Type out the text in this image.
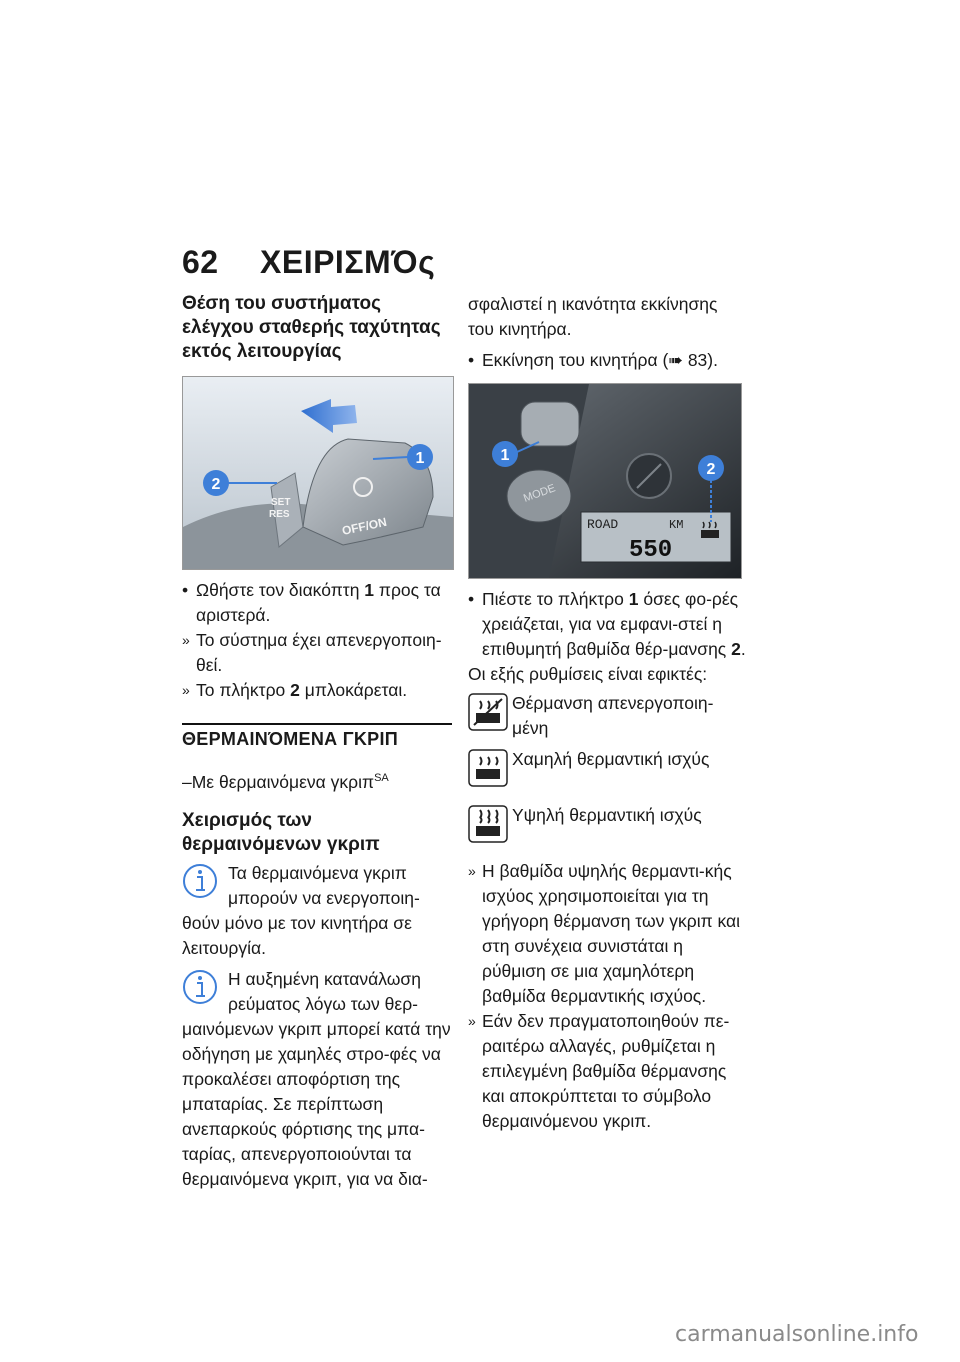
62 ΧΕΙΡΙΣΜΌς

Θέση του συστήματος ελέγχου σταθερής ταχύτητας εκτός λειτουργίας

SET
RES
OFF/ON
2
1

• Ωθήστε τον διακόπτη 1 προς τα αριστερά.

» Το σύστημα έχει απενεργοποιη-θεί.

» Το πλήκτρο 2 μπλοκάρεται.

ΘΕΡΜΑΙΝΌΜΕΝΑ ΓΚΡΙΠ

–Με θερμαινόμενα γκριπ$^{SA}$

Χειρισμός των θερμαινόμενων γκριπ

Τα θερμαινόμενα γκριπ μπορούν να ενεργοποιη-θούν μόνο με τον κινητήρα σε λειτουργία.
Η αυξημένη κατανάλωση ρεύματος λόγω των θερ-μαινόμενων γκριπ μπορεί κατά την οδήγηση με χαμηλές στρο-φές να προκαλέσει αποφόρτιση της μπαταρίας. Σε περίπτωση ανεπαρκούς φόρτισης της μπα-ταρίας, απενεργοποιούνται τα θερμαινόμενα γκριπ, για να δια-

σφαλιστεί η ικανότητα εκκίνησης του κινητήρα.

• Εκκίνηση του κινητήρα (➠ 83).

MODE
ROAD	KM
550
1
2

• Πιέστε το πλήκτρο 1 όσες φο-ρές χρειάζεται, για να εμφανι-στεί η επιθυμητή βαθμίδα θέρ-μανσης 2.

Οι εξής ρυθμίσεις είναι εφικτές:

Θέρμανση απενεργοποιη-μένη
Χαμηλή θερμαντική ισχύς
Υψηλή θερμαντική ισχύς

» Η βαθμίδα υψηλής θερμαντι-κής ισχύος χρησιμοποιείται για τη γρήγορη θέρμανση των γκριπ και στη συνέχεια συνιστάται η ρύθμιση σε μια χαμηλότερη βαθμίδα θερμαντικής ισχύος.

» Εάν δεν πραγματοποιηθούν πε-ραιτέρω αλλαγές, ρυθμίζεται η επιλεγμένη βαθμίδα θέρμανσης και αποκρύπτεται το σύμβολο θερμαινόμενου γκριπ.

carmanualsonline.info
